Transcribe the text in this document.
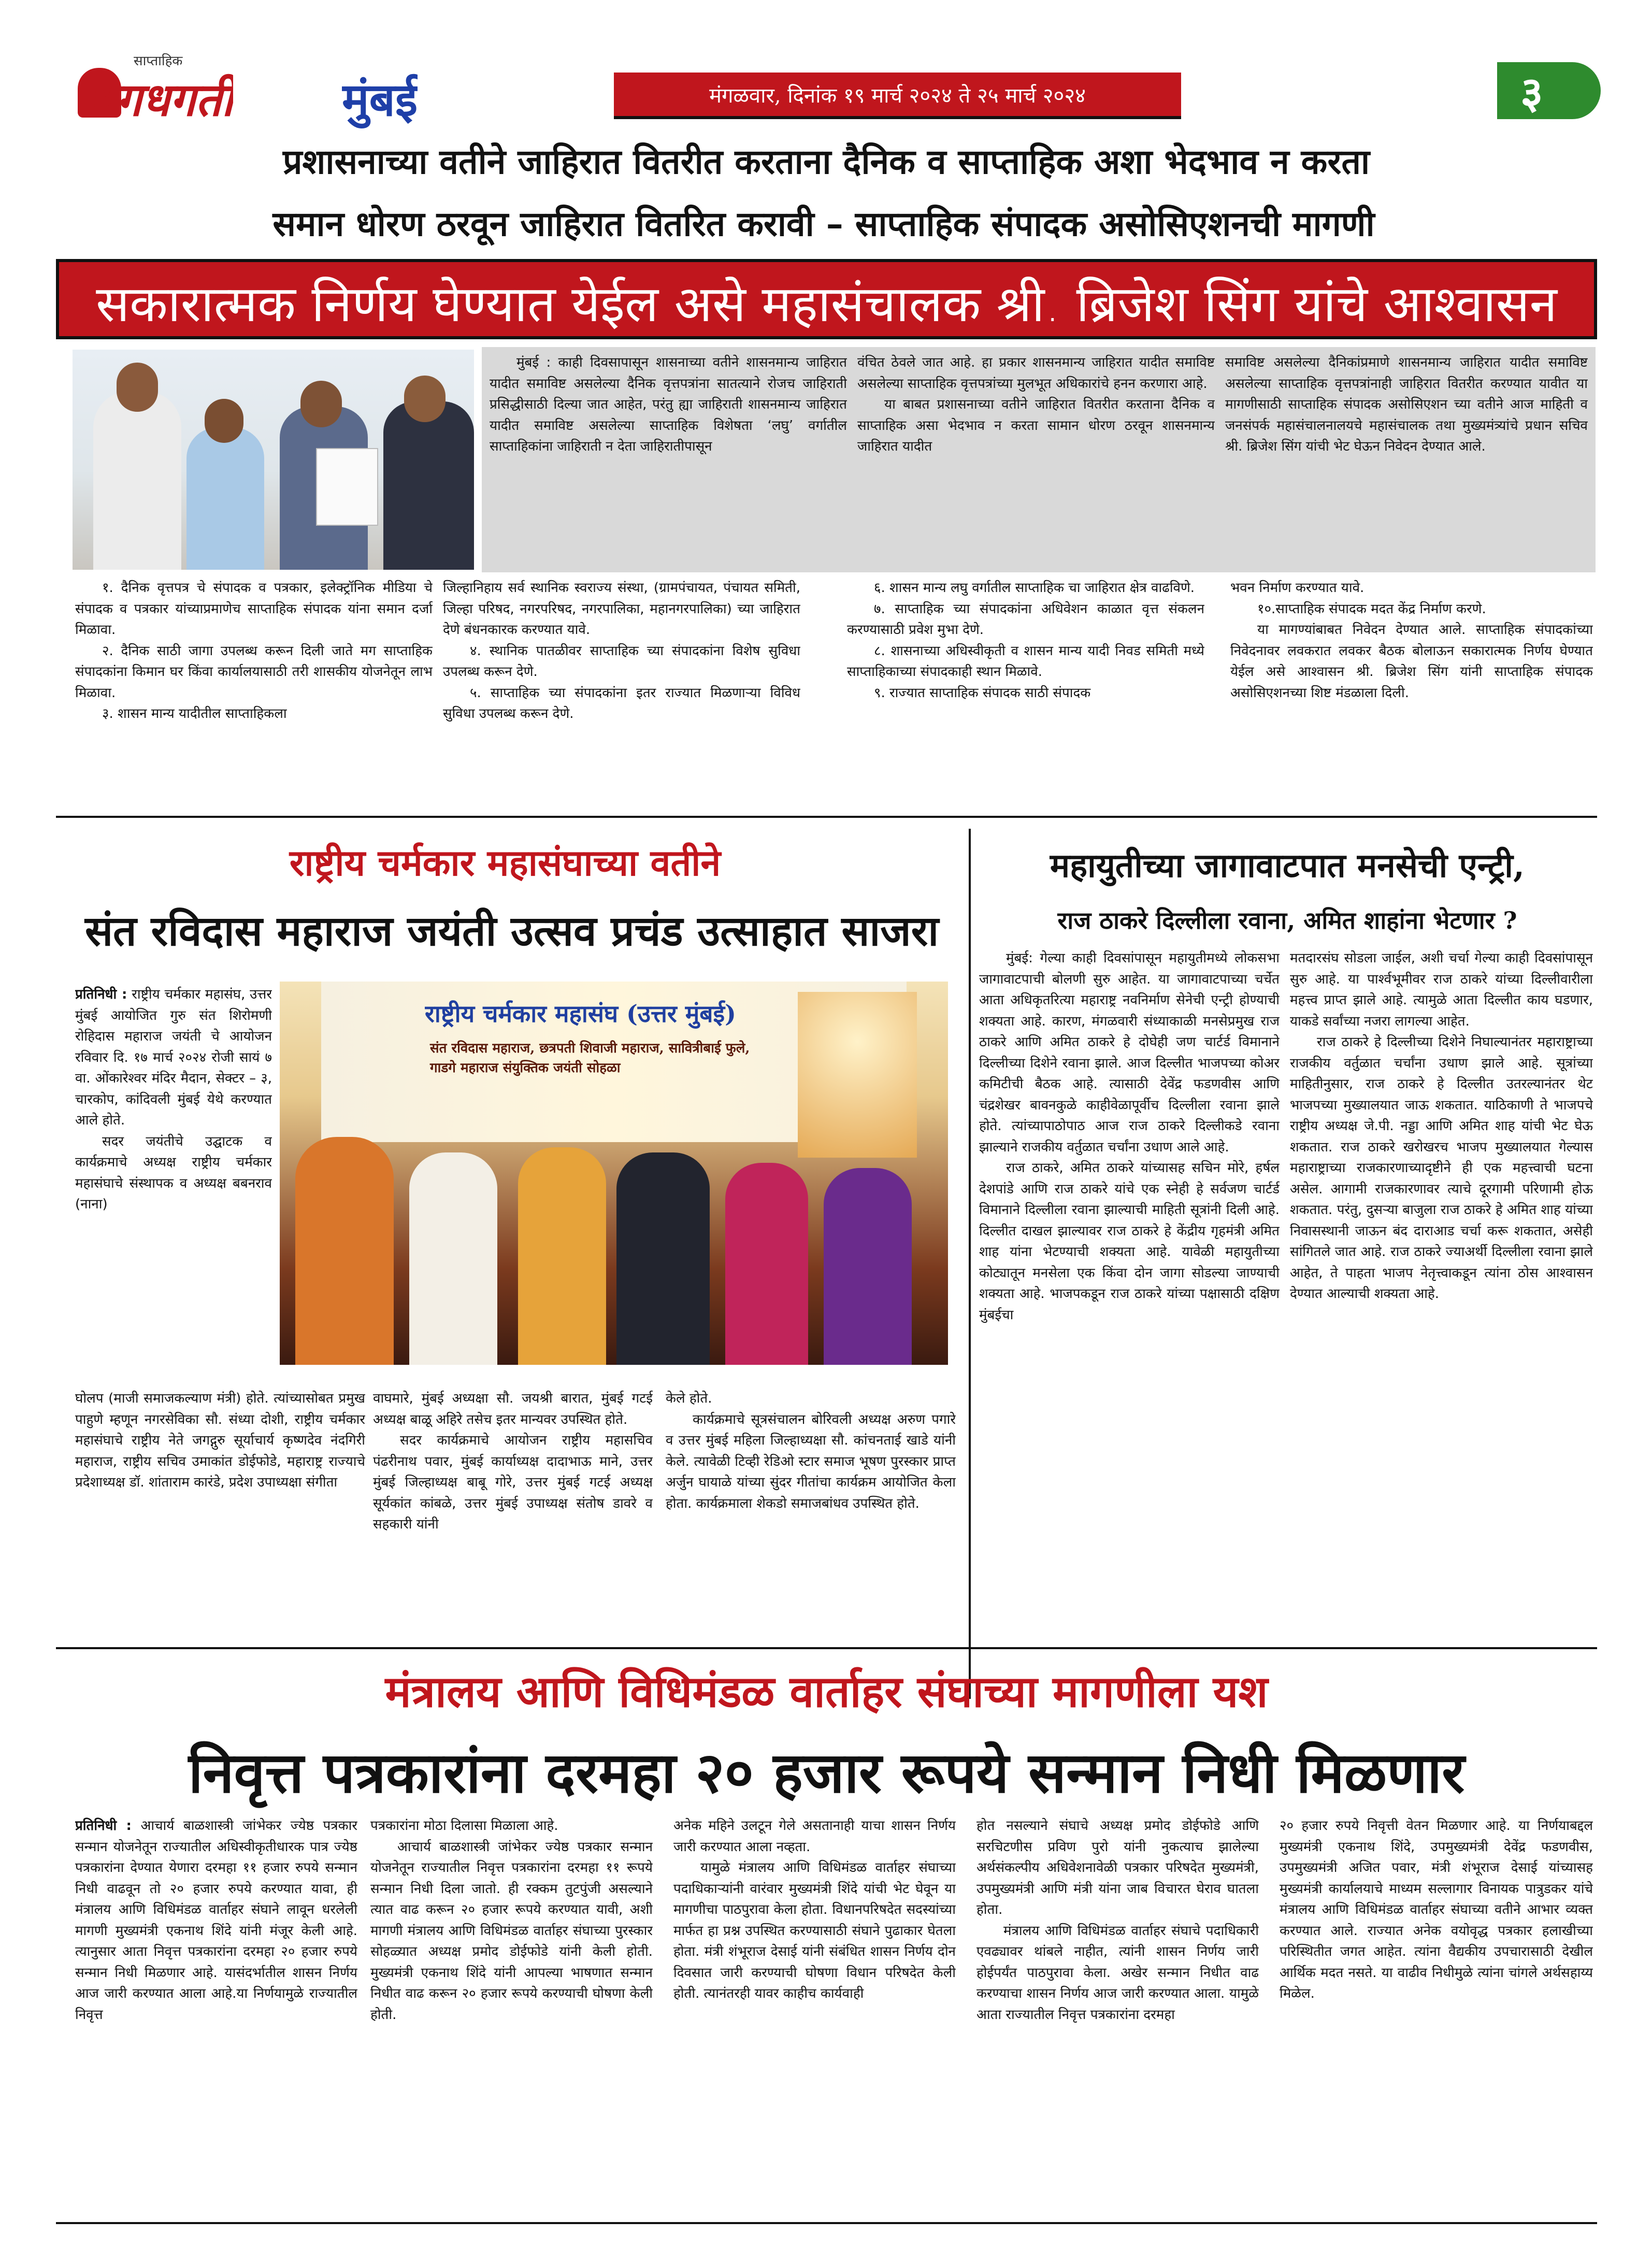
साप्ताहिक
धगधगती मुंबई	मंगळवार, दिनांक १९ मार्च २०२४ ते २५ मार्च २०२४	३
प्रशासनाच्या वतीने जाहिरात वितरीत करताना दैनिक व साप्ताहिक अशा भेदभाव न करता
समान धोरण ठरवून जाहिरात वितरित करावी – साप्ताहिक संपादक असोसिएशनची मागणी
सकारात्मक निर्णय घेण्यात येईल असे महासंचालक श्री. ब्रिजेश सिंग यांचे आश्वासन

मुंबई : काही दिवसापासून शासनाच्या वतीने शासनमान्य जाहिरात यादीत समाविष्ट असलेल्या दैनिक वृत्तपत्रांना सातत्याने रोजच जाहिराती प्रसिद्धीसाठी दिल्या जात आहेत, परंतु ह्या जाहिराती शासनमान्य जाहिरात यादीत समाविष्ट असलेल्या साप्ताहिक विशेषता ‘लघु’ वर्गातील साप्ताहिकांना जाहिराती न देता जाहिरातीपासून

वंचित ठेवले जात आहे. हा प्रकार शासनमान्य जाहिरात यादीत समाविष्ट असलेल्या साप्ताहिक वृत्तपत्रांच्या मुलभूत अधिकारांचे हनन करणारा आहे.

या बाबत प्रशासनाच्या वतीने जाहिरात वितरीत करताना दैनिक व साप्ताहिक असा भेदभाव न करता सामान धोरण ठरवून शासनमान्य जाहिरात यादीत

समाविष्ट असलेल्या दैनिकांप्रमाणे शासनमान्य जाहिरात यादीत समाविष्ट असलेल्या साप्ताहिक वृत्तपत्रांनाही जाहिरात वितरीत करण्यात यावीत या मागणीसाठी साप्ताहिक संपादक असोसिएशन च्या वतीने आज माहिती व जनसंपर्क महासंचालनालयचे महासंचालक तथा मुख्यमंत्र्यांचे प्रधान सचिव श्री. ब्रिजेश सिंग यांची भेट घेऊन निवेदन देण्यात आले.

१. दैनिक वृत्तपत्र चे संपादक व पत्रकार, इलेक्ट्रॉनिक मीडिया चे संपादक व पत्रकार यांच्याप्रमाणेच साप्ताहिक संपादक यांना समान दर्जा मिळावा.

२. दैनिक साठी जागा उपलब्ध करून दिली जाते मग साप्ताहिक संपादकांना किमान घर किंवा कार्यालयासाठी तरी शासकीय योजनेतून लाभ मिळावा.

३. शासन मान्य यादीतील साप्ताहिकला

जिल्हानिहाय सर्व स्थानिक स्वराज्य संस्था, (ग्रामपंचायत, पंचायत समिती, जिल्हा परिषद, नगरपरिषद, नगरपालिका, महानगरपालिका) च्या जाहिरात देणे बंधनकारक करण्यात यावे.

४. स्थानिक पातळीवर साप्ताहिक च्या संपादकांना विशेष सुविधा उपलब्ध करून देणे.

५. साप्ताहिक च्या संपादकांना इतर राज्यात मिळणाऱ्या विविध सुविधा उपलब्ध करून देणे.

६. शासन मान्य लघु वर्गातील साप्ताहिक चा जाहिरात क्षेत्र वाढविणे.

७. साप्ताहिक च्या संपादकांना अधिवेशन काळात वृत्त संकलन करण्यासाठी प्रवेश मुभा देणे.

८. शासनाच्या अधिस्वीकृती व शासन मान्य यादी निवड समिती मध्ये साप्ताहिकाच्या संपादकाही स्थान मिळावे.

९. राज्यात साप्ताहिक संपादक साठी संपादक

भवन निर्माण करण्यात यावे.

१०.साप्ताहिक संपादक मदत केंद्र निर्माण करणे.

या मागण्यांबाबत निवेदन देण्यात आले. साप्ताहिक संपादकांच्या निवेदनावर लवकरात लवकर बैठक बोलाऊन सकारात्मक निर्णय घेण्यात येईल असे आश्वासन श्री. ब्रिजेश सिंग यांनी साप्ताहिक संपादक असोसिएशनच्या शिष्ट मंडळाला दिली.

राष्ट्रीय चर्मकार महासंघाच्या वतीने
संत रविदास महाराज जयंती उत्सव प्रचंड उत्साहात साजरा

प्रतिनिधी : राष्ट्रीय चर्मकार महासंघ, उत्तर मुंबई आयोजित गुरु संत शिरोमणी रोहिदास महाराज जयंती चे आयोजन रविवार दि. १७ मार्च २०२४ रोजी सायं ७ वा. ओंकारेश्वर मंदिर मैदान, सेक्टर – ३, चारकोप, कांदिवली मुंबई येथे करण्यात आले होते.

सदर जयंतीचे उद्घाटक व कार्यक्रमाचे अध्यक्ष राष्ट्रीय चर्मकार महासंघाचे संस्थापक व अध्यक्ष बबनराव (नाना)

राष्ट्रीय चर्मकार महासंघ (उत्तर मुंबई)
संत रविदास महाराज, छत्रपती शिवाजी महाराज, सावित्रीबाई फुले, गाडगे महाराज संयुक्तिक जयंती सोहळा

घोलप (माजी समाजकल्याण मंत्री) होते. त्यांच्यासोबत प्रमुख पाहुणे म्हणून नगरसेविका सौ. संध्या दोशी, राष्ट्रीय चर्मकार महासंघाचे राष्ट्रीय नेते जगद्गुरु सूर्याचार्य कृष्णदेव नंदगिरी महाराज, राष्ट्रीय सचिव उमाकांत डोईफोडे, महाराष्ट्र राज्याचे प्रदेशाध्यक्ष डॉ. शांताराम कारंडे, प्रदेश उपाध्यक्षा संगीता

वाघमारे, मुंबई अध्यक्षा सौ. जयश्री बारात, मुंबई गटई अध्यक्ष बाळू अहिरे तसेच इतर मान्यवर उपस्थित होते.

सदर कार्यक्रमाचे आयोजन राष्ट्रीय महासचिव पंढरीनाथ पवार, मुंबई कार्याध्यक्ष दादाभाऊ माने, उत्तर मुंबई जिल्हाध्यक्ष बाबू गोरे, उत्तर मुंबई गटई अध्यक्ष सूर्यकांत कांबळे, उत्तर मुंबई उपाध्यक्ष संतोष डावरे व सहकारी यांनी

केले होते.

कार्यक्रमाचे सूत्रसंचालन बोरिवली अध्यक्ष अरुण पगारे व उत्तर मुंबई महिला जिल्हाध्यक्षा सौ. कांचनताई खाडे यांनी केले. त्यावेळी टिव्ही रेडिओ स्टार समाज भूषण पुरस्कार प्राप्त अर्जुन घायाळे यांच्या सुंदर गीतांचा कार्यक्रम आयोजित केला होता. कार्यक्रमाला शेकडो समाजबांधव उपस्थित होते.

महायुतीच्या जागावाटपात मनसेची एन्ट्री,
राज ठाकरे दिल्लीला रवाना, अमित शाहांना भेटणार ?

मुंबई: गेल्या काही दिवसांपासून महायुतीमध्ये लोकसभा जागावाटपाची बोलणी सुरु आहेत. या जागावाटपाच्या चर्चेत आता अधिकृतरित्या महाराष्ट्र नवनिर्माण सेनेची एन्ट्री होण्याची शक्यता आहे. कारण, मंगळवारी संध्याकाळी मनसेप्रमुख राज ठाकरे आणि अमित ठाकरे हे दोघेही जण चार्टर्ड विमानाने दिल्लीच्या दिशेने रवाना झाले. आज दिल्लीत भाजपच्या कोअर कमिटीची बैठक आहे. त्यासाठी देवेंद्र फडणवीस आणि चंद्रशेखर बावनकुळे काहीवेळापूर्वीच दिल्लीला रवाना झाले होते. त्यांच्यापाठोपाठ आज राज ठाकरे दिल्लीकडे रवाना झाल्याने राजकीय वर्तुळात चर्चांना उधाण आले आहे.

राज ठाकरे, अमित ठाकरे यांच्यासह सचिन मोरे, हर्षल देशपांडे आणि राज ठाकरे यांचे एक स्नेही हे सर्वजण चार्टर्ड विमानाने दिल्लीला रवाना झाल्याची माहिती सूत्रांनी दिली आहे. दिल्लीत दाखल झाल्यावर राज ठाकरे हे केंद्रीय गृहमंत्री अमित शाह यांना भेटण्याची शक्यता आहे. यावेळी महायुतीच्या कोट्यातून मनसेला एक किंवा दोन जागा सोडल्या जाण्याची शक्यता आहे. भाजपकडून राज ठाकरे यांच्या पक्षासाठी दक्षिण मुंबईचा

मतदारसंघ सोडला जाईल, अशी चर्चा गेल्या काही दिवसांपासून सुरु आहे. या पार्श्वभूमीवर राज ठाकरे यांच्या दिल्लीवारीला महत्त्व प्राप्त झाले आहे. त्यामुळे आता दिल्लीत काय घडणार, याकडे सर्वांच्या नजरा लागल्या आहेत.

राज ठाकरे हे दिल्लीच्या दिशेने निघाल्यानंतर महाराष्ट्राच्या राजकीय वर्तुळात चर्चांना उधाण झाले आहे. सूत्रांच्या माहितीनुसार, राज ठाकरे हे दिल्लीत उतरल्यानंतर थेट भाजपच्या मुख्यालयात जाऊ शकतात. याठिकाणी ते भाजपचे राष्ट्रीय अध्यक्ष जे.पी. नड्डा आणि अमित शाह यांची भेट घेऊ शकतात. राज ठाकरे खरोखरच भाजप मुख्यालयात गेल्यास महाराष्ट्राच्या राजकारणाच्यादृष्टीने ही एक महत्त्वाची घटना असेल. आगामी राजकारणावर त्याचे दूरगामी परिणामी होऊ शकतात. परंतु, दुसऱ्या बाजुला राज ठाकरे हे अमित शाह यांच्या निवासस्थानी जाऊन बंद दाराआड चर्चा करू शकतात, असेही सांगितले जात आहे. राज ठाकरे ज्याअर्थी दिल्लीला रवाना झाले आहेत, ते पाहता भाजप नेतृत्त्वाकडून त्यांना ठोस आश्वासन देण्यात आल्याची शक्यता आहे.

मंत्रालय आणि विधिमंडळ वार्ताहर संघाच्या मागणीला यश
निवृत्त पत्रकारांना दरमहा २० हजार रूपये सन्मान निधी मिळणार

प्रतिनिधी : आचार्य बाळशास्त्री जांभेकर ज्येष्ठ पत्रकार सन्मान योजनेतून राज्यातील अधिस्वीकृतीधारक पात्र ज्येष्ठ पत्रकारांना देण्यात येणारा दरमहा ११ हजार रुपये सन्मान निधी वाढवून तो २० हजार रुपये करण्यात यावा, ही मंत्रालय आणि विधिमंडळ वार्ताहर संघाने लावून धरलेली मागणी मुख्यमंत्री एकनाथ शिंदे यांनी मंजूर केली आहे. त्यानुसार आता निवृत्त पत्रकारांना दरमहा २० हजार रुपये सन्मान निधी मिळणार आहे. यासंदर्भातील शासन निर्णय आज जारी करण्यात आला आहे.या निर्णयामुळे राज्यातील निवृत्त

पत्रकारांना मोठा दिलासा मिळाला आहे.

आचार्य बाळशास्त्री जांभेकर ज्येष्ठ पत्रकार सन्मान योजनेतून राज्यातील निवृत्त पत्रकारांना दरमहा ११ रूपये सन्मान निधी दिला जातो. ही रक्कम तुटपुंजी असल्याने त्यात वाढ करून २० हजार रूपये करण्यात यावी, अशी मागणी मंत्रालय आणि विधिमंडळ वार्ताहर संघाच्या पुरस्कार सोहळ्यात अध्यक्ष प्रमोद डोईफोडे यांनी केली होती. मुख्यमंत्री एकनाथ शिंदे यांनी आपल्या भाषणात सन्मान निधीत वाढ करून २० हजार रूपये करण्याची घोषणा केली होती.

अनेक महिने उलटून गेले असतानाही याचा शासन निर्णय जारी करण्यात आला नव्हता.

यामुळे मंत्रालय आणि विधिमंडळ वार्ताहर संघाच्या पदाधिकाऱ्यांनी वारंवार मुख्यमंत्री शिंदे यांची भेट घेवून या मागणीचा पाठपुरावा केला होता. विधानपरिषदेत सदस्यांच्या मार्फत हा प्रश्न उपस्थित करण्यासाठी संघाने पुढाकार घेतला होता. मंत्री शंभूराज देसाई यांनी संबंधित शासन निर्णय दोन दिवसात जारी करण्याची घोषणा विधान परिषदेत केली होती. त्यानंतरही यावर काहीच कार्यवाही

होत नसल्याने संघाचे अध्यक्ष प्रमोद डोईफोडे आणि सरचिटणीस प्रविण पुरो यांनी नुकत्याच झालेल्या अर्थसंकल्पीय अधिवेशनावेळी पत्रकार परिषदेत मुख्यमंत्री, उपमुख्यमंत्री आणि मंत्री यांना जाब विचारत घेराव घातला होता.

मंत्रालय आणि विधिमंडळ वार्ताहर संघाचे पदाधिकारी एवढ्यावर थांबले नाहीत, त्यांनी शासन निर्णय जारी होईपर्यंत पाठपुरावा केला. अखेर सन्मान निधीत वाढ करण्याचा शासन निर्णय आज जारी करण्यात आला. यामुळे आता राज्यातील निवृत्त पत्रकारांना दरमहा

२० हजार रुपये निवृत्ती वेतन मिळणार आहे. या निर्णयाबद्दल मुख्यमंत्री एकनाथ शिंदे, उपमुख्यमंत्री देवेंद्र फडणवीस, उपमुख्यमंत्री अजित पवार, मंत्री शंभूराज देसाई यांच्यासह मुख्यमंत्री कार्यालयाचे माध्यम सल्लागार विनायक पात्रुडकर यांचे मंत्रालय आणि विधिमंडळ वार्ताहर संघाच्या वतीने आभार व्यक्त करण्यात आले. राज्यात अनेक वयोवृद्ध पत्रकार हलाखीच्या परिस्थितीत जगत आहेत. त्यांना वैद्यकीय उपचारासाठी देखील आर्थिक मदत नसते. या वाढीव निधीमुळे त्यांना चांगले अर्थसहाय्य मिळेल.
